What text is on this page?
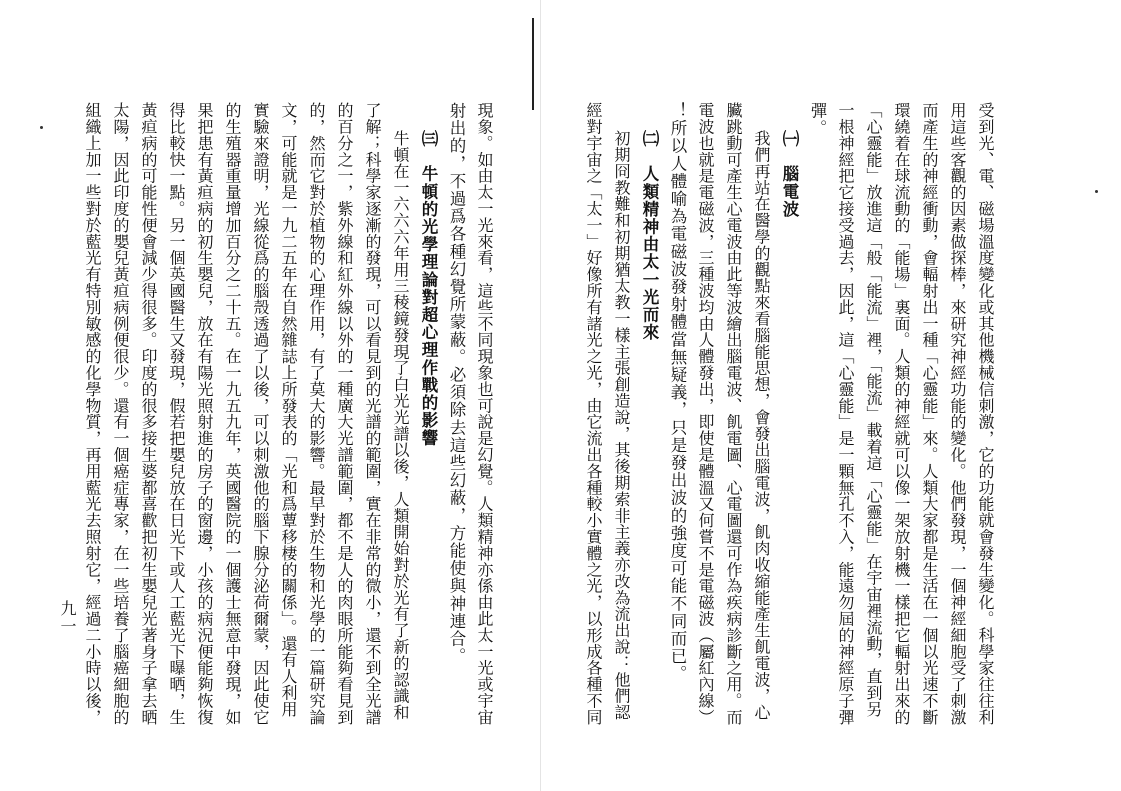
受到光、電、磁場溫度變化或其他機械信刺激，它的功能就會發生變化。科學家往往利
用這些客觀的因素做探棒，來研究神經功能的變化。他們發現，一個神經細胞受了刺激
而產生的神經衝動，會輻射出一種「心靈能」來。人類大家都是生活在一個以光速不斷
環繞着在球流動的「能場」裏面。人類的神經就可以像一架放射機一樣把它輻射出來的
「心靈能」放進這「般「能流」裡，「能流」載着這「心靈能」在宇宙裡流動，直到另
一根神經把它接受過去，因此，這「心靈能」是一顆無孔不入，能遠勿屆的神經原子彈
彈。
㈠　腦電波
我們再站在醫學的觀點來看腦能思想，會發出腦電波，飢肉收縮能產生飢電波，心
臟跳動可產生心電波由此等波繪出腦電波、飢電圖、心電圖還可作為疾病診斷之用。而
電波也就是電磁波，三種波均由人體發出，即使是體溫又何嘗不是電磁波（屬紅內線）
！所以人體喻為電磁波發射體當無疑義，只是發出波的強度可能不同而已。
㈡　人類精神由太一光而來
初期冏教難和初期猶太教一樣主張創造說，其後期索非主義亦改為流出說：他們認
經對宇宙之「太一」好像所有諸光之光，由它流出各種較小實體之光，以形成各種不同
現象。如由太一光來看，這些不同現象也可說是幻覺。人類精神亦係由此太一光或宇宙
射出的，不過爲各種幻覺所蒙蔽。必須除去這些幻蔽，方能使與神連合。
㈢　牛頓的光學理論對超心理作戰的影響
牛頓在一六六六年用三稜鏡發現了白光光譜以後，人類開始對於光有了新的認識和
了解；科學家逐漸的發現，可以看見到的光譜的範圍，實在非常的微小，還不到全光譜
的百分之一，紫外線和紅外線以外的一種廣大光譜範圍，都不是人的肉眼所能夠看見到
的，然而它對於植物的心理作用，有了莫大的影響。最早對於生物和光學的一篇研究論
文，可能就是一九二五年在自然雜誌上所發表的「光和爲蕈移棲的關係」。還有人利用
實驗來證明，光線從爲的腦殼透過了以後，可以刺激他的腦下腺分泌荷爾蒙，因此使它
的生殖器重量增加百分之二十五。在一九五九年，英國醫院的一個護士無意中發現，如
果把患有黃疸病的初生嬰兒，放在有陽光照射進的房子的窗邊，小孩的病況便能夠恢復
得比較快一點。另一個英國醫生又發現，假若把嬰兒放在日光下或人工藍光下曝晒，生
黃疸病的可能性便會減少得很多。印度的很多接生婆都喜歡把初生嬰兒光著身子拿去晒
太陽，因此印度的嬰兒黃疸病例便很少。還有一個癌症專家，在一些培養了腦癌細胞的
組織上加一些對於藍光有特別敏感的化學物質，再用藍光去照射它，經過二小時以後，
九一
